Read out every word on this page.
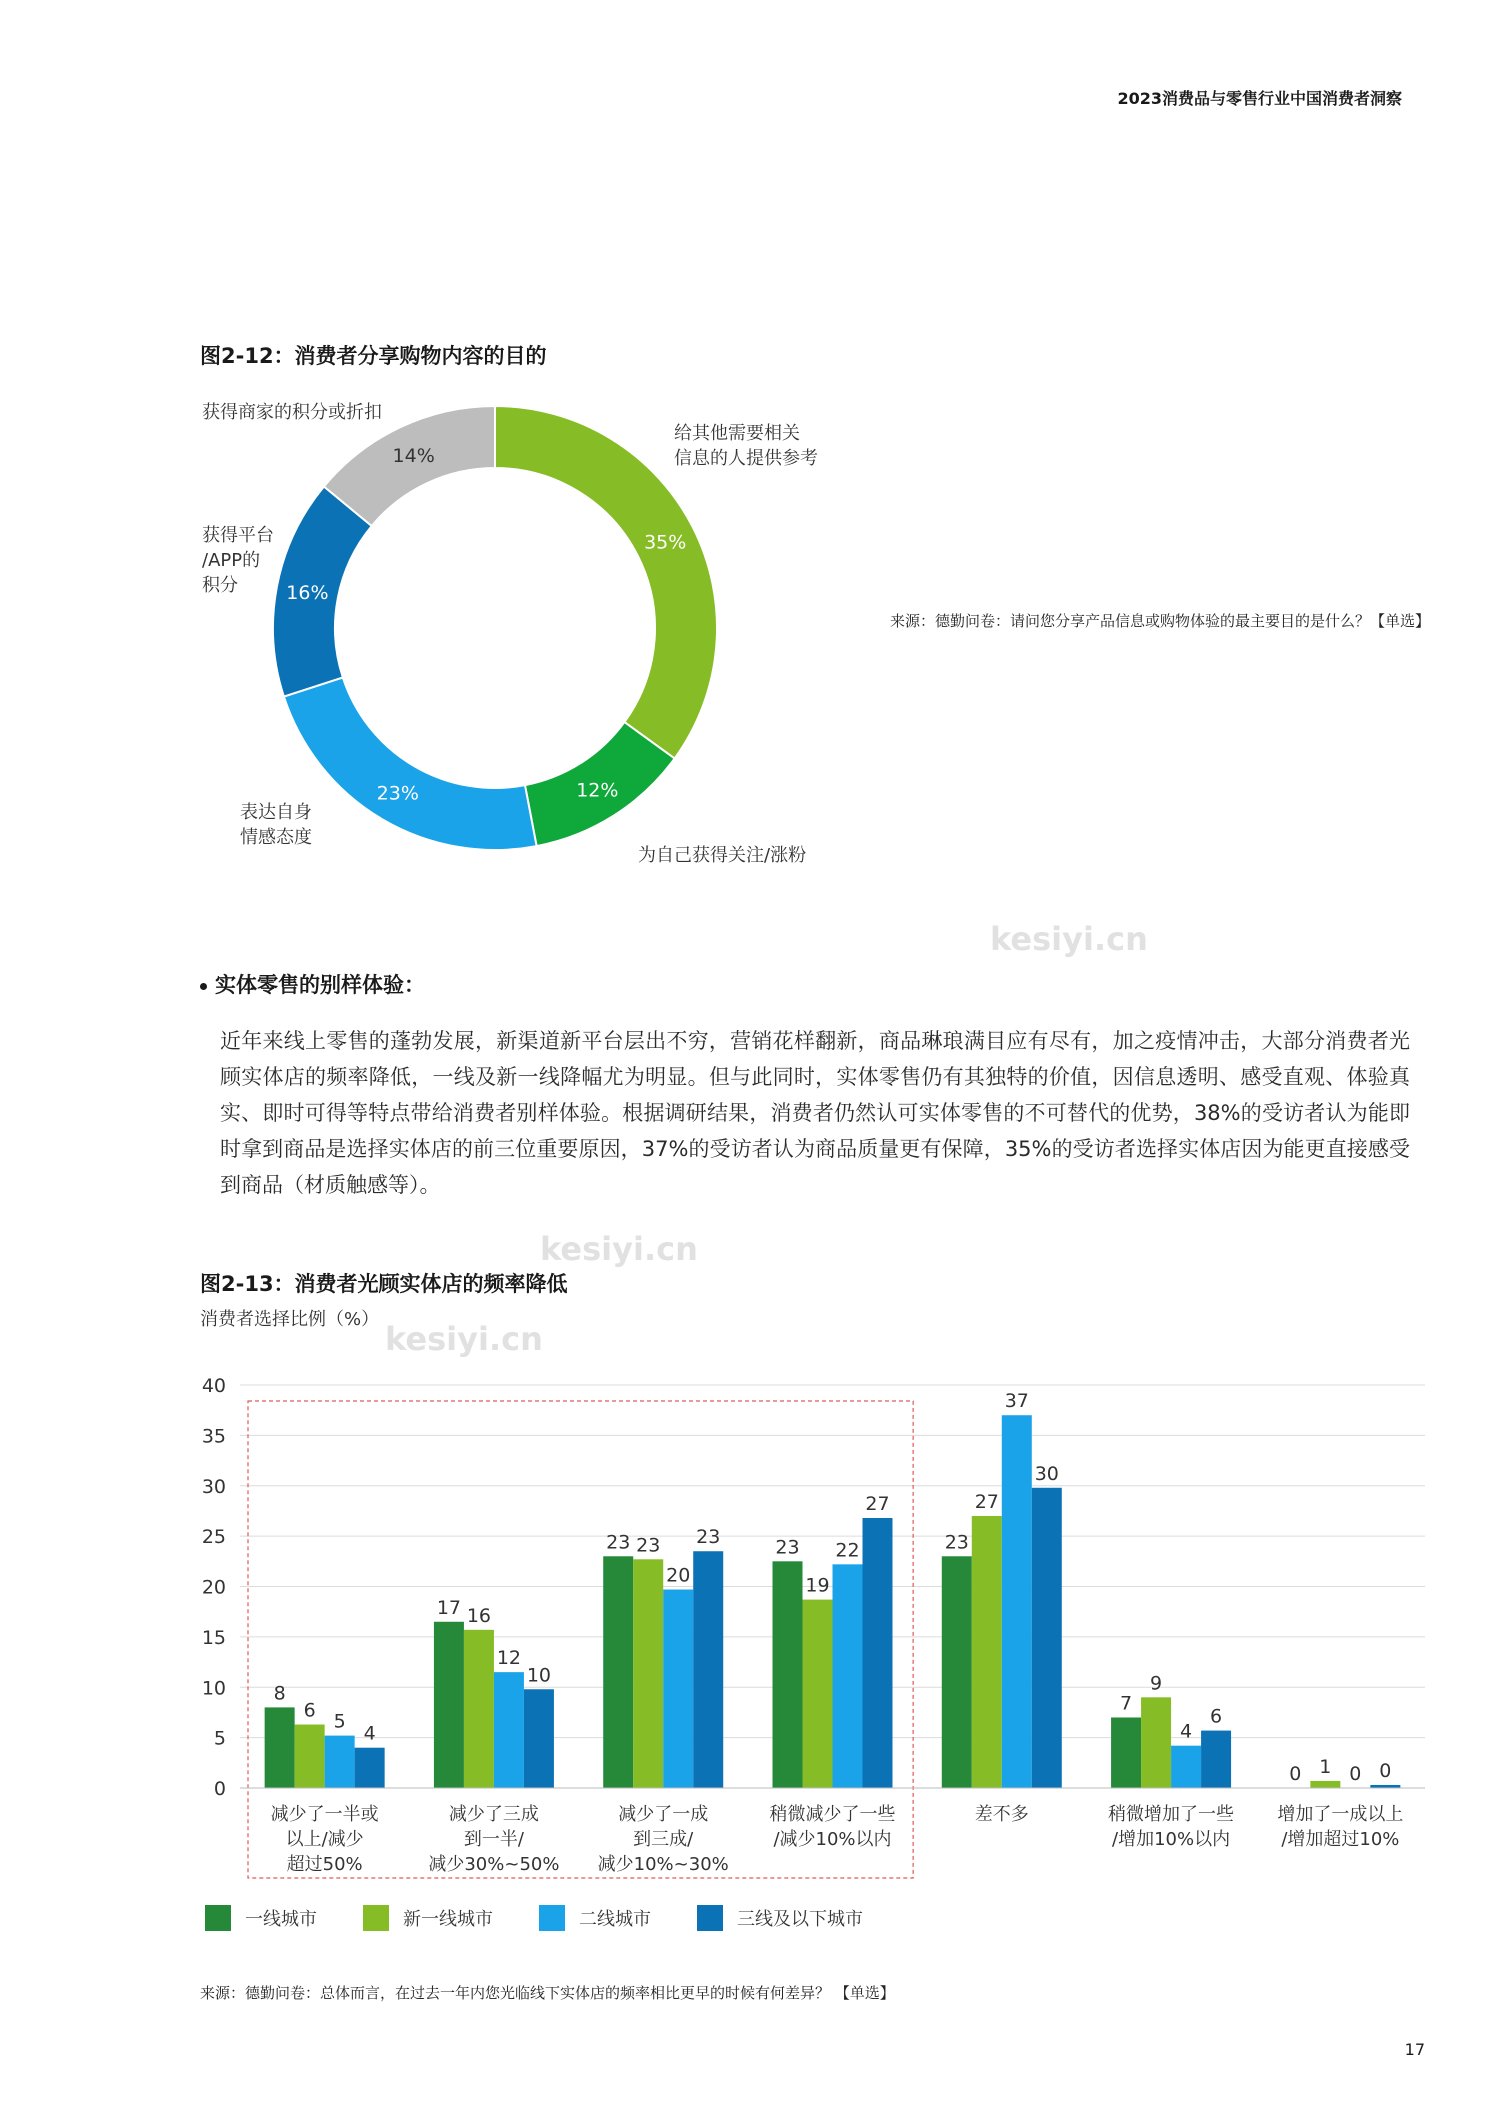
2023消费品与零售行业中国消费者洞察
图2-12：消费者分享购物内容的目的
35%
12%
23%
16%
14%
给其他需要相关
信息的人提供参考
为自己获得关注/涨粉
表达自身
情感态度
获得平台
/APP的
积分
获得商家的积分或折扣
来源：德勤问卷：请问您分享产品信息或购物体验的最主要目的是什么？【单选】
kesiyi.cn
kesiyi.cn
kesiyi.cn
实体零售的别样体验：
近年来线上零售的蓬勃发展，新渠道新平台层出不穷，营销花样翻新，商品琳琅满目应有尽有，加之疫情冲击，大部分消费者光顾实体店的频率降低，一线及新一线降幅尤为明显。但与此同时，实体零售仍有其独特的价值，因信息透明、感受直观、体验真实、即时可得等特点带给消费者别样体验。根据调研结果，消费者仍然认可实体零售的不可替代的优势，38%的受访者认为能即时拿到商品是选择实体店的前三位重要原因，37%的受访者认为商品质量更有保障，35%的受访者选择实体店因为能更直接感受到商品（材质触感等）。
图2-13：消费者光顾实体店的频率降低
消费者选择比例（%）
0
5
10
15
20
25
30
35
40
8
6
5
4
减少了一半或以上/减少超过50%
17 16
12
10
减少了三成到一半/减少30%~50%
23 23
20
23
减少了一成到三成/减少10%~30%
23
19
22
27
稍微减少了一些/减少10%以内
23
27
37
30
差不多
7
9
4
6
稍微增加了一些/增加10%以内
0 1 0 0
增加了一成以上/增加超过10%
一线城市	新一线城市	二线城市	三线及以下城市
来源：德勤问卷：总体而言，在过去一年内您光临线下实体店的频率相比更早的时候有何差异？ 【单选】
17
